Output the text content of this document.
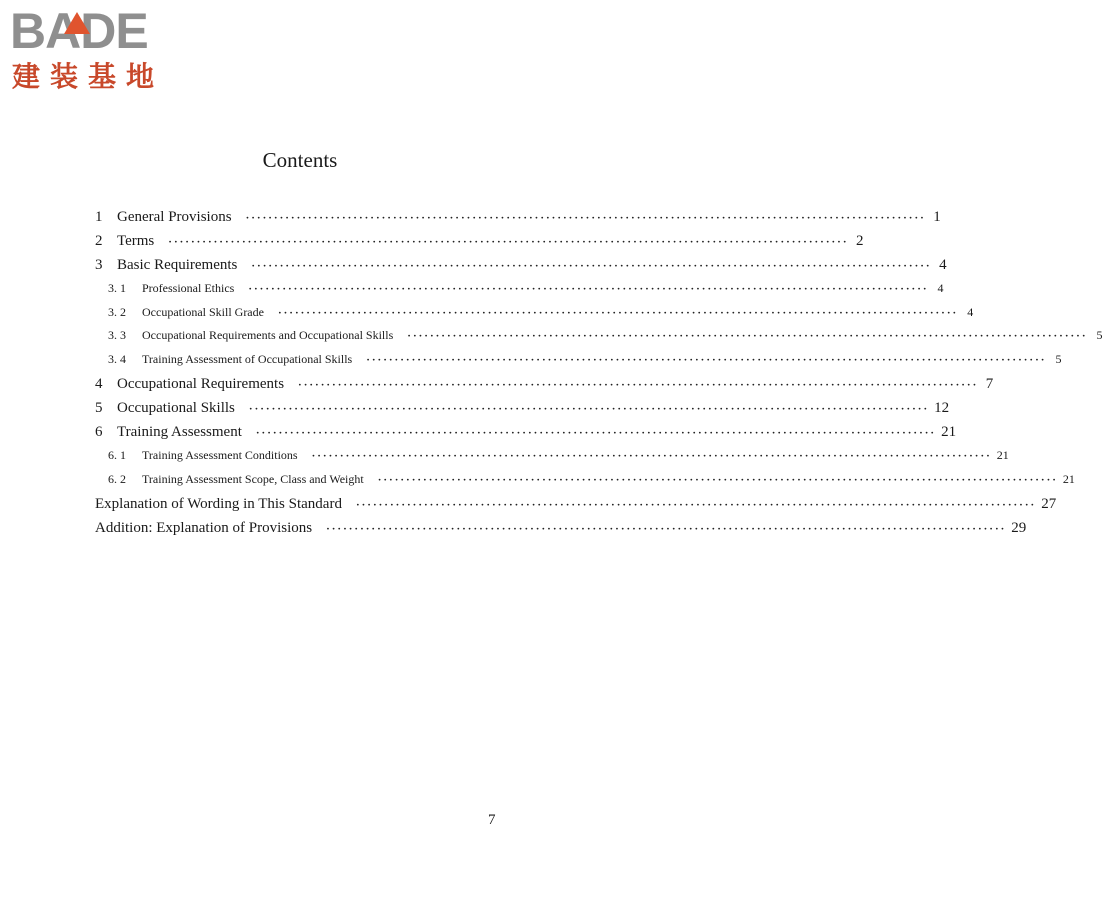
BADE
建装基地
Contents
1 General Provisions ························································································································ 1
2 Terms ························································································································ 2
3 Basic Requirements ························································································································ 4
3. 1	Professional Ethics ························································································································ 4
3. 2	Occupational Skill Grade ························································································································ 4
3. 3	Occupational Requirements and Occupational Skills ························································································································ 5
3. 4	Training Assessment of Occupational Skills ························································································································ 5
4 Occupational Requirements ························································································································ 7
5 Occupational Skills ························································································································ 12
6 Training Assessment ························································································································ 21
6. 1	Training Assessment Conditions ························································································································ 21
6. 2	Training Assessment Scope, Class and Weight ························································································································ 21
Explanation of Wording in This Standard ························································································································ 27
Addition: Explanation of Provisions ························································································································ 29
7
